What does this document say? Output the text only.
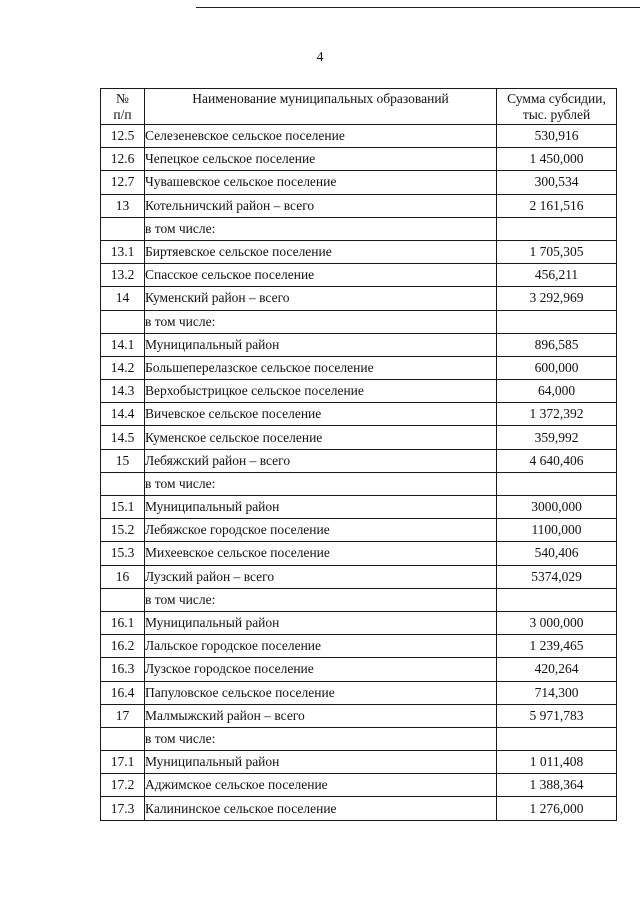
4
№
п/п	Наименование муниципальных образований	Сумма субсидии,
тыс. рублей
12.5	Селезеневское сельское поселение	530,916
12.6	Чепецкое сельское поселение	1 450,000
12.7	Чувашевское сельское поселение	300,534
13	Котельничский район – всего	2 161,516
	в том числе:	
13.1	Биртяевское сельское поселение	1 705,305
13.2	Спасское сельское поселение	456,211
14	Куменский район – всего	3 292,969
	в том числе:	
14.1	Муниципальный район	896,585
14.2	Большеперелазское сельское поселение	600,000
14.3	Верхобыстрицкое сельское поселение	64,000
14.4	Вичевское сельское поселение	1 372,392
14.5	Куменское сельское поселение	359,992
15	Лебяжский район – всего	4 640,406
	в том числе:	
15.1	Муниципальный район	3000,000
15.2	Лебяжское городское поселение	1100,000
15.3	Михеевское сельское поселение	540,406
16	Лузский район – всего	5374,029
	в том числе:	
16.1	Муниципальный район	3 000,000
16.2	Лальское городское поселение	1 239,465
16.3	Лузское городское поселение	420,264
16.4	Папуловское сельское поселение	714,300
17	Малмыжский район – всего	5 971,783
	в том числе:	
17.1	Муниципальный район	1 011,408
17.2	Аджимское сельское поселение	1 388,364
17.3	Калининское сельское поселение	1 276,000
